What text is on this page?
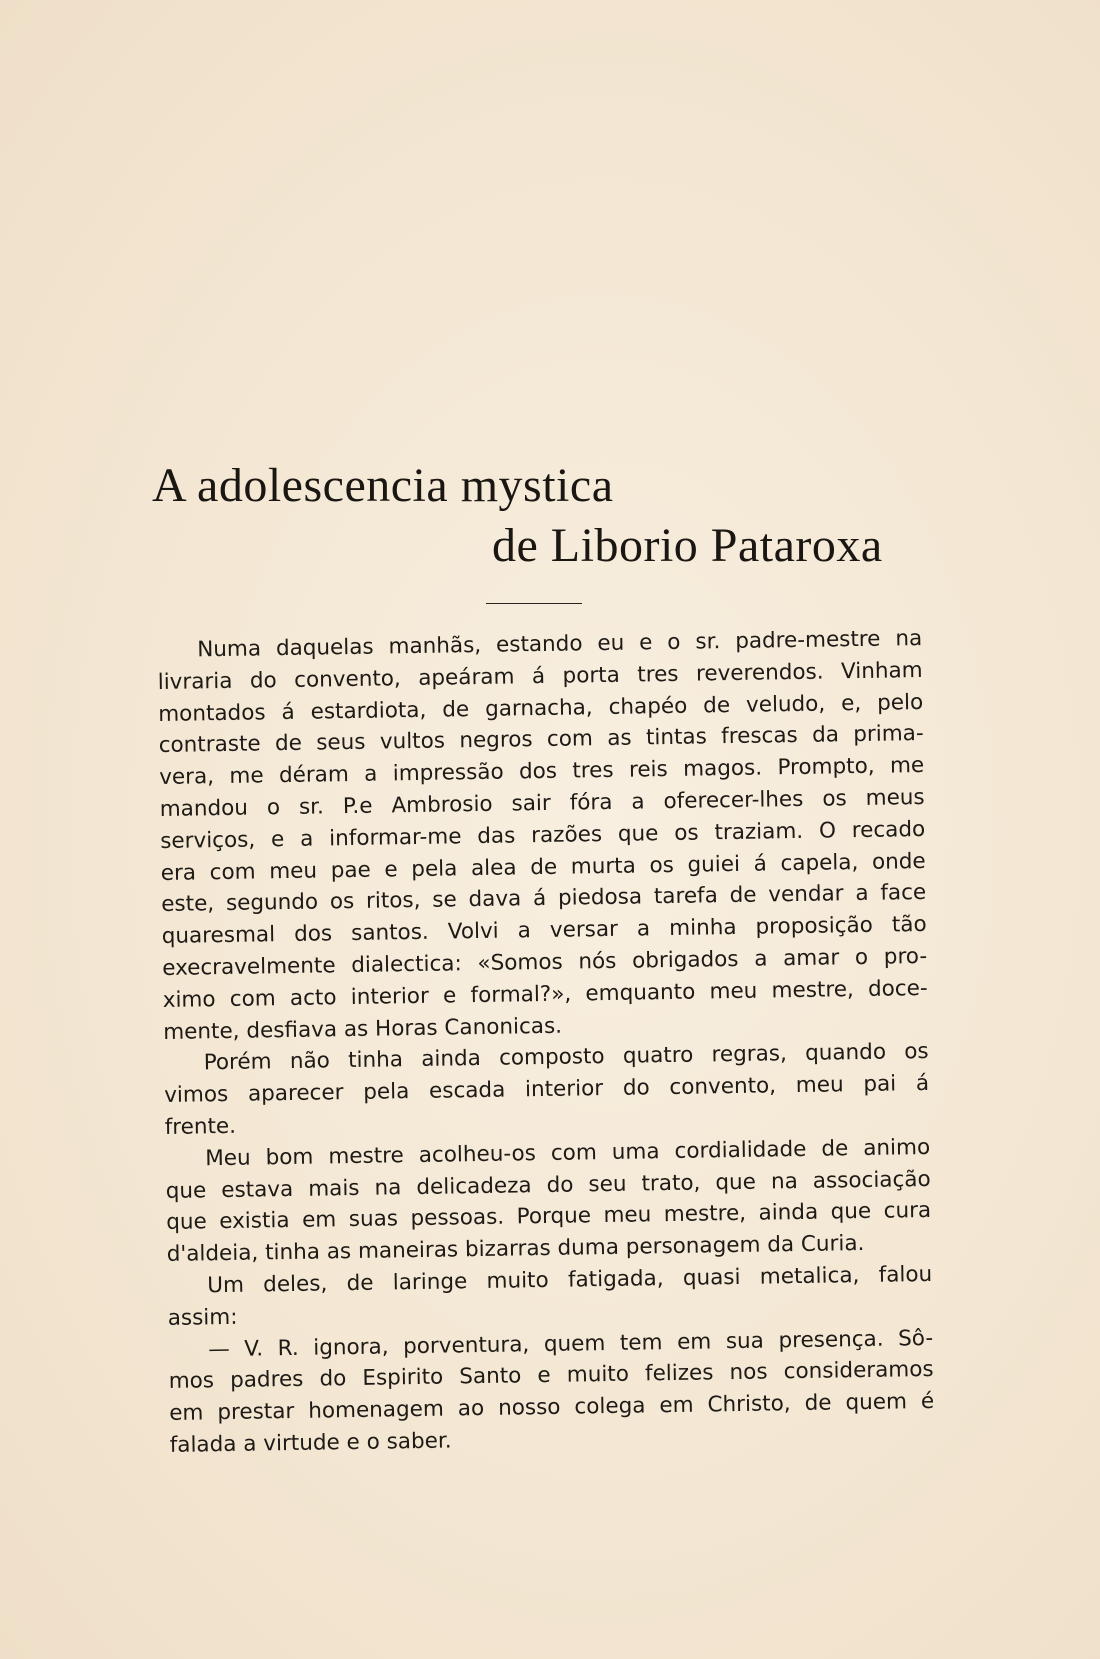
A adolescencia mystica
de Liborio Pataroxa
Numa daquelas manhãs, estando eu e o sr. padre-mestre na
livraria do convento, apeáram á porta tres reverendos. Vinham
montados á estardiota, de garnacha, chapéo de veludo, e, pelo
contraste de seus vultos negros com as tintas frescas da prima-
vera, me déram a impressão dos tres reis magos. Prompto, me
mandou o sr. P.e Ambrosio sair fóra a oferecer-lhes os meus
serviços, e a informar-me das razões que os traziam. O recado
era com meu pae e pela alea de murta os guiei á capela, onde
este, segundo os ritos, se dava á piedosa tarefa de vendar a face
quaresmal dos santos. Volvi a versar a minha proposição tão
execravelmente dialectica: «Somos nós obrigados a amar o pro-
ximo com acto interior e formal?», emquanto meu mestre, doce-
mente, desfiava as Horas Canonicas.
Porém não tinha ainda composto quatro regras, quando os
vimos aparecer pela escada interior do convento, meu pai á
frente.
Meu bom mestre acolheu-os com uma cordialidade de animo
que estava mais na delicadeza do seu trato, que na associação
que existia em suas pessoas. Porque meu mestre, ainda que cura
d'aldeia, tinha as maneiras bizarras duma personagem da Curia.
Um deles, de laringe muito fatigada, quasi metalica, falou
assim:
— V. R. ignora, porventura, quem tem em sua presença. Sô-
mos padres do Espirito Santo e muito felizes nos consideramos
em prestar homenagem ao nosso colega em Christo, de quem é
falada a virtude e o saber.
